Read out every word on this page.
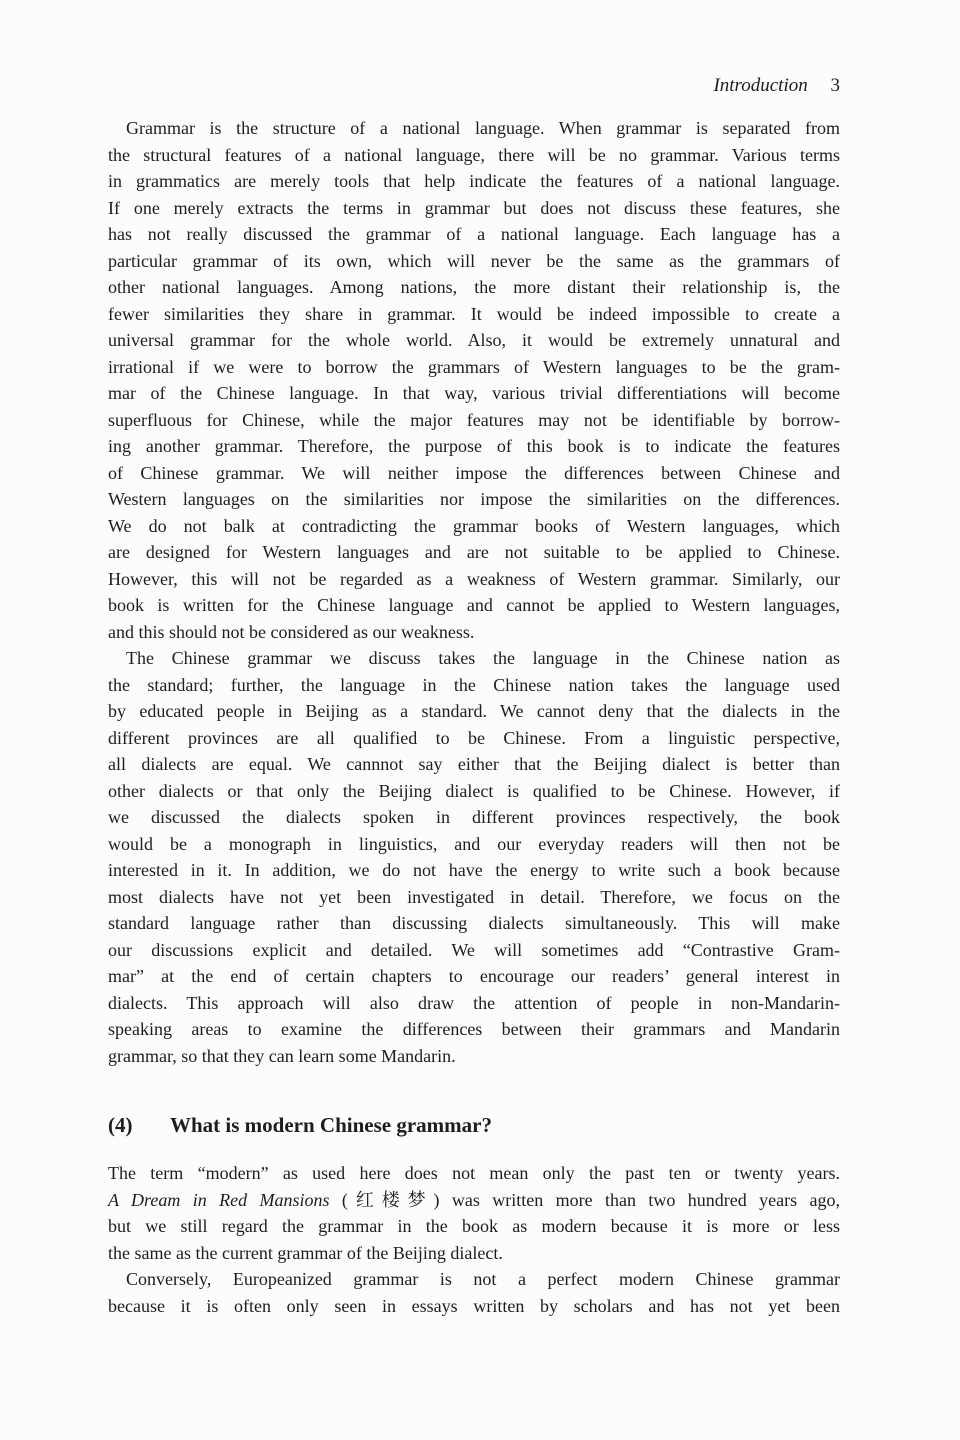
Introduction 3
Grammar is the structure of a national language. When grammar is separated from
the structural features of a national language, there will be no grammar. Various terms
in grammatics are merely tools that help indicate the features of a national language.
If one merely extracts the terms in grammar but does not discuss these features, she
has not really discussed the grammar of a national language. Each language has a
particular grammar of its own, which will never be the same as the grammars of
other national languages. Among nations, the more distant their relationship is, the
fewer similarities they share in grammar. It would be indeed impossible to create a
universal grammar for the whole world. Also, it would be extremely unnatural and
irrational if we were to borrow the grammars of Western languages to be the gram-
mar of the Chinese language. In that way, various trivial differentiations will become
superfluous for Chinese, while the major features may not be identifiable by borrow-
ing another grammar. Therefore, the purpose of this book is to indicate the features
of Chinese grammar. We will neither impose the differences between Chinese and
Western languages on the similarities nor impose the similarities on the differences.
We do not balk at contradicting the grammar books of Western languages, which
are designed for Western languages and are not suitable to be applied to Chinese.
However, this will not be regarded as a weakness of Western grammar. Similarly, our
book is written for the Chinese language and cannot be applied to Western languages,
and this should not be considered as our weakness.
The Chinese grammar we discuss takes the language in the Chinese nation as
the standard; further, the language in the Chinese nation takes the language used
by educated people in Beijing as a standard. We cannot deny that the dialects in the
different provinces are all qualified to be Chinese. From a linguistic perspective,
all dialects are equal. We cannnot say either that the Beijing dialect is better than
other dialects or that only the Beijing dialect is qualified to be Chinese. However, if
we discussed the dialects spoken in different provinces respectively, the book
would be a monograph in linguistics, and our everyday readers will then not be
interested in it. In addition, we do not have the energy to write such a book because
most dialects have not yet been investigated in detail. Therefore, we focus on the
standard language rather than discussing dialects simultaneously. This will make
our discussions explicit and detailed. We will sometimes add “Contrastive Gram-
mar” at the end of certain chapters to encourage our readers’ general interest in
dialects. This approach will also draw the attention of people in non-Mandarin-
speaking areas to examine the differences between their grammars and Mandarin
grammar, so that they can learn some Mandarin.
(4) What is modern Chinese grammar?
The term “modern” as used here does not mean only the past ten or twenty years.
A Dream in Red Mansions (红楼梦) was written more than two hundred years ago,
but we still regard the grammar in the book as modern because it is more or less
the same as the current grammar of the Beijing dialect.
Conversely, Europeanized grammar is not a perfect modern Chinese grammar
because it is often only seen in essays written by scholars and has not yet been
